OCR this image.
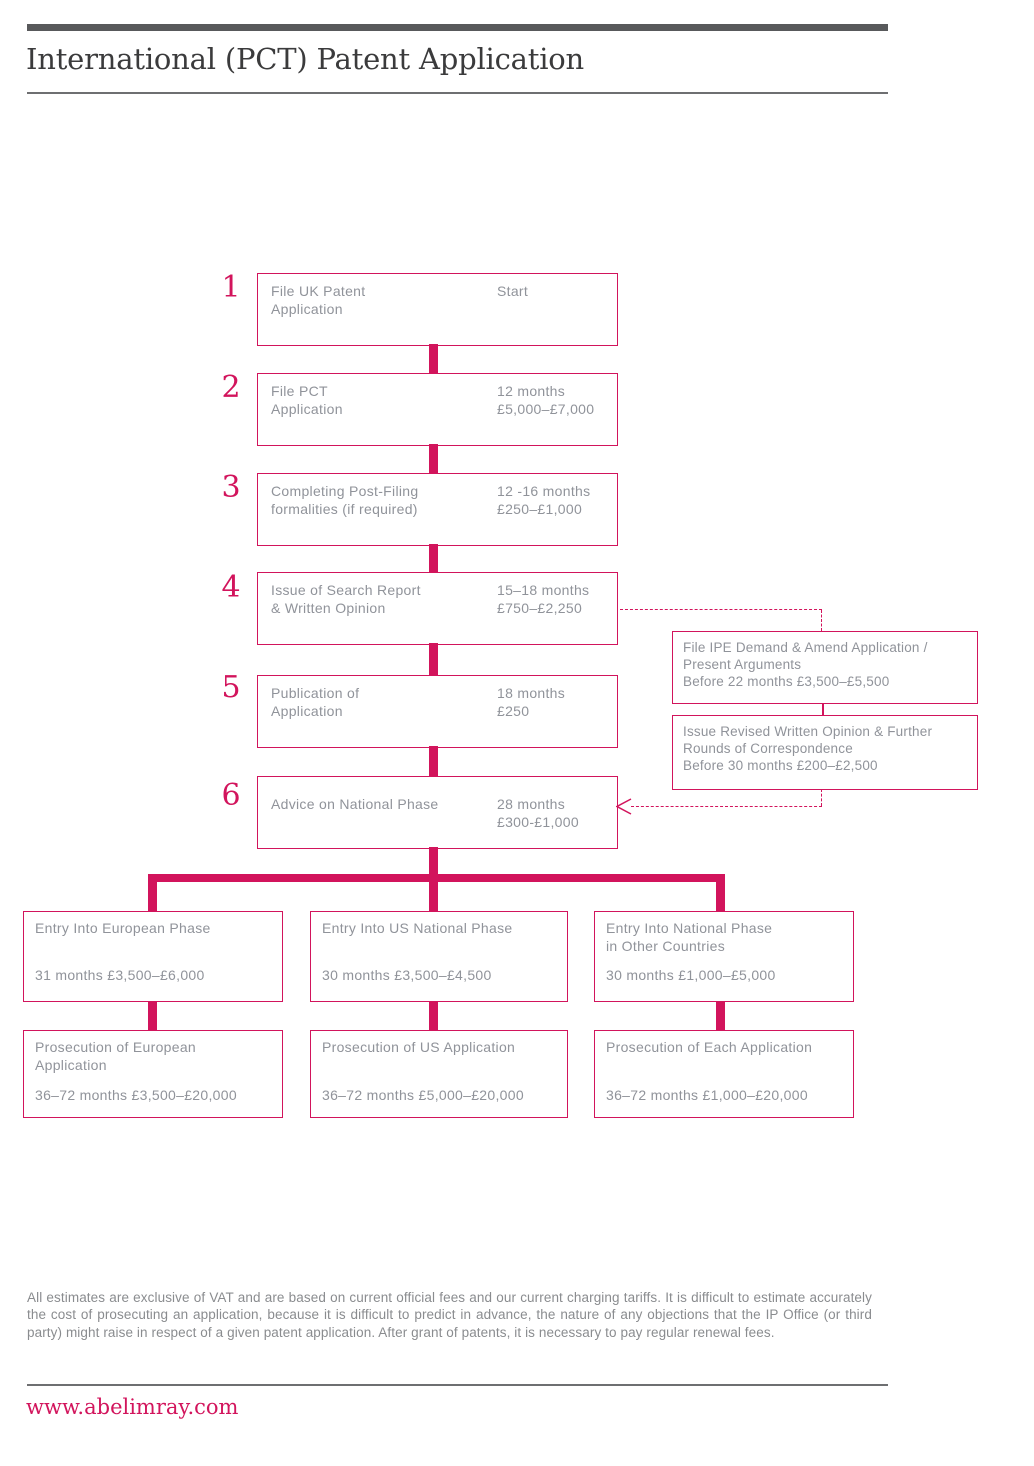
International (PCT) Patent Application
1
2
3
4
5
6
File UK Patent
Application
Start
File PCT
Application
12 months
£5,000–£7,000
Completing Post-Filing
formalities (if required)
12 -16 months
£250–£1,000
Issue of Search Report
& Written Opinion
15–18 months
£750–£2,250
Publication of
Application
18 months
£250
Advice on National Phase	28 months
£300-£1,000
File IPE Demand & Amend Application /
Present Arguments
Before 22 months £3,500–£5,500
Issue Revised Written Opinion & Further
Rounds of Correspondence
Before 30 months £200–£2,500
Entry Into European Phase
31 months £3,500–£6,000
Entry Into US National Phase
30 months £3,500–£4,500
Entry Into National Phase
in Other Countries
30 months £1,000–£5,000
Prosecution of European
Application
36–72 months £3,500–£20,000
Prosecution of US Application
36–72 months £5,000–£20,000
Prosecution of Each Application
36–72 months £1,000–£20,000
All estimates are exclusive of VAT and are based on current official fees and our current charging tariffs. It is difficult to estimate accurately the cost of prosecuting an application, because it is difficult to predict in advance, the nature of any objections that the IP Office (or third party) might raise in respect of a given patent application. After grant of patents, it is necessary to pay regular renewal fees.
www.abelimray.com
